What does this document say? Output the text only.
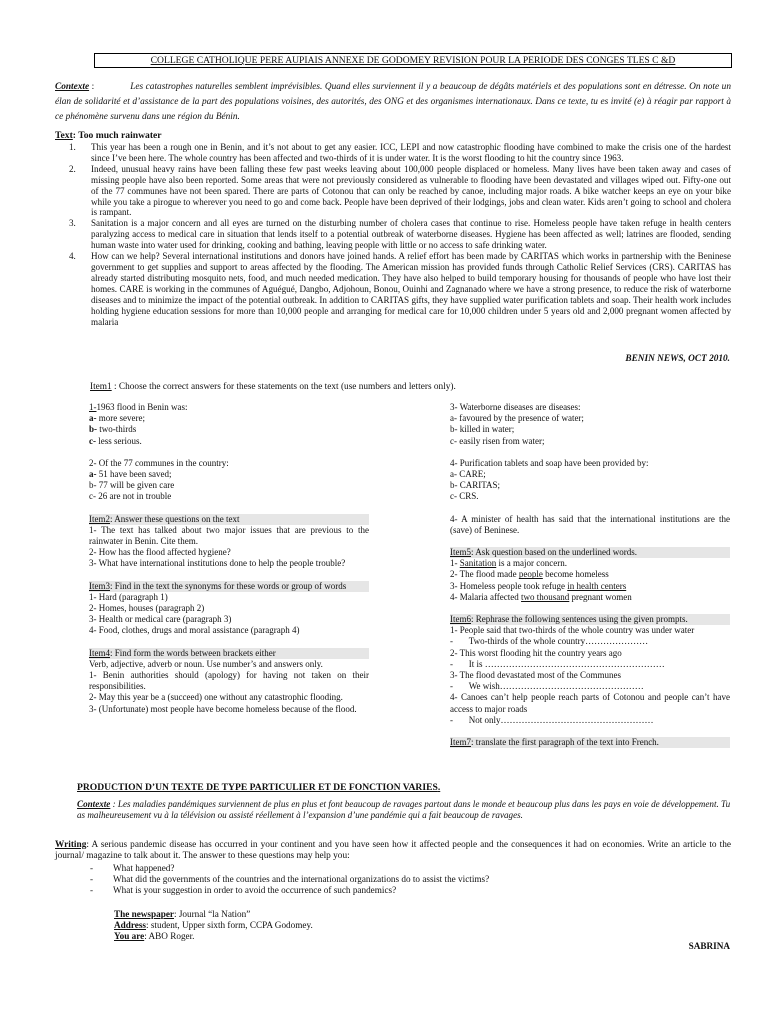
COLLEGE CATHOLIQUE PERE AUPIAIS ANNEXE DE GODOMEY REVISION POUR LA PERIODE DES CONGES TLES C &D
Contexte :	Les catastrophes naturelles semblent imprévisibles. Quand elles surviennent il y a beaucoup de dégâts matériels et des populations sont en détresse. On note un élan de solidarité et d’assistance de la part des populations voisines, des autorités, des ONG et des organismes internationaux. Dans ce texte, tu es invité (e) à réagir par rapport à ce phénomène survenu dans une région du Bénin.
Text: Too much rainwater
1. This year has been a rough one in Benin, and it’s not about to get any easier. ICC, LEPI and now catastrophic flooding have combined to make the crisis one of the hardest since I’ve been here. The whole country has been affected and two-thirds of it is under water. It is the worst flooding to hit the country since 1963.
2. Indeed, unusual heavy rains have been falling these few past weeks leaving about 100,000 people displaced or homeless. Many lives have been taken away and cases of missing people have also been reported. Some areas that were not previously considered as vulnerable to flooding have been devastated and villages wiped out. Fifty-one out of the 77 communes have not been spared. There are parts of Cotonou that can only be reached by canoe, including major roads. A bike watcher keeps an eye on your bike while you take a pirogue to wherever you need to go and come back. People have been deprived of their lodgings, jobs and clean water. Kids aren’t going to school and cholera is rampant.
3. Sanitation is a major concern and all eyes are turned on the disturbing number of cholera cases that continue to rise. Homeless people have taken refuge in health centers paralyzing access to medical care in situation that lends itself to a potential outbreak of waterborne diseases. Hygiene has been affected as well; latrines are flooded, sending human waste into water used for drinking, cooking and bathing, leaving people with little or no access to safe drinking water.
4. How can we help? Several international institutions and donors have joined hands. A relief effort has been made by CARITAS which works in partnership with the Beninese government to get supplies and support to areas affected by the flooding. The American mission has provided funds through Catholic Relief Services (CRS). CARITAS has already started distributing mosquito nets, food, and much needed medication. They have also helped to build temporary housing for thousands of people who have lost their homes. CARE is working in the communes of Aguégué, Dangbo, Adjohoun, Bonou, Ouinhi and Zagnanado where we have a strong presence, to reduce the risk of waterborne diseases and to minimize the impact of the potential outbreak. In addition to CARITAS gifts, they have supplied water purification tablets and soap. Their health work includes holding hygiene education sessions for more than 10,000 people and arranging for medical care for 10,000 children under 5 years old and 2,000 pregnant women affected by malaria
BENIN NEWS, OCT 2010.
Item1 : Choose the correct answers for these statements on the text (use numbers and letters only).

1-1963 flood in Benin was:

a- more severe;

b- two-thirds

c- less serious.

2- Of the 77 communes in the country:

a- 51 have been saved;

b- 77 will be given care

c- 26 are not in trouble

Item2: Answer these questions on the text

1- The text has talked about two major issues that are previous to the rainwater in Benin. Cite them.

2- How has the flood affected hygiene?

3- What have international institutions done to help the people trouble?

Item3: Find in the text the synonyms for these words or group of words

1- Hard (paragraph 1)

2- Homes, houses (paragraph 2)

3- Health or medical care (paragraph 3)

4- Food, clothes, drugs and moral assistance (paragraph 4)

Item4: Find form the words between brackets either

Verb, adjective, adverb or noun. Use number’s and answers only.

1- Benin authorities should (apology) for having not taken on their responsibilities.

2- May this year be a (succeed) one without any catastrophic flooding.

3- (Unfortunate) most people have become homeless because of the flood.

3- Waterborne diseases are diseases:

a- favoured by the presence of water;

b- killed in water;

c- easily risen from water;

4- Purification tablets and soap have been provided by:

a- CARE;

b- CARITAS;

c- CRS.

4- A minister of health has said that the international institutions are the (save) of Beninese.

Item5: Ask question based on the underlined words.

1- Sanitation is a major concern.

2- The flood made people become homeless

3- Homeless people took refuge in health centers

4- Malaria affected two thousand pregnant women

Item6: Rephrase the following sentences using the given prompts.

1- People said that two-thirds of the whole country was under water

-       Two-thirds of the whole country…………………

2- This worst flooding hit the country years ago

-       It is ……………………………………………………

3- The flood devastated most of the Communes

-       We wish…………………………………………

4- Canoes can’t help people reach parts of Cotonou and people can’t have access to major roads

-       Not only……………………………………………

Item7: translate the first paragraph of the text into French.

PRODUCTION D’UN TEXTE DE TYPE PARTICULIER ET DE FONCTION VARIES.
Contexte : Les maladies pandémiques surviennent de plus en plus et font beaucoup de ravages partout dans le monde et beaucoup plus dans les pays en voie de développement. Tu as malheureusement vu à la télévision ou assisté réellement à l’expansion d’une pandémie qui a fait beaucoup de ravages.
Writing: A serious pandemic disease has occurred in your continent and you have seen how it affected people and the consequences it had on economies. Write an article to the journal/ magazine to talk about it. The answer to these questions may help you:
- What happened?
- What did the governments of the countries and the international organizations do to assist the victims?
- What is your suggestion in order to avoid the occurrence of such pandemics?
The newspaper: Journal “la Nation”
Address: student, Upper sixth form, CCPA Godomey.
You are: ABO Roger.
SABRINA
